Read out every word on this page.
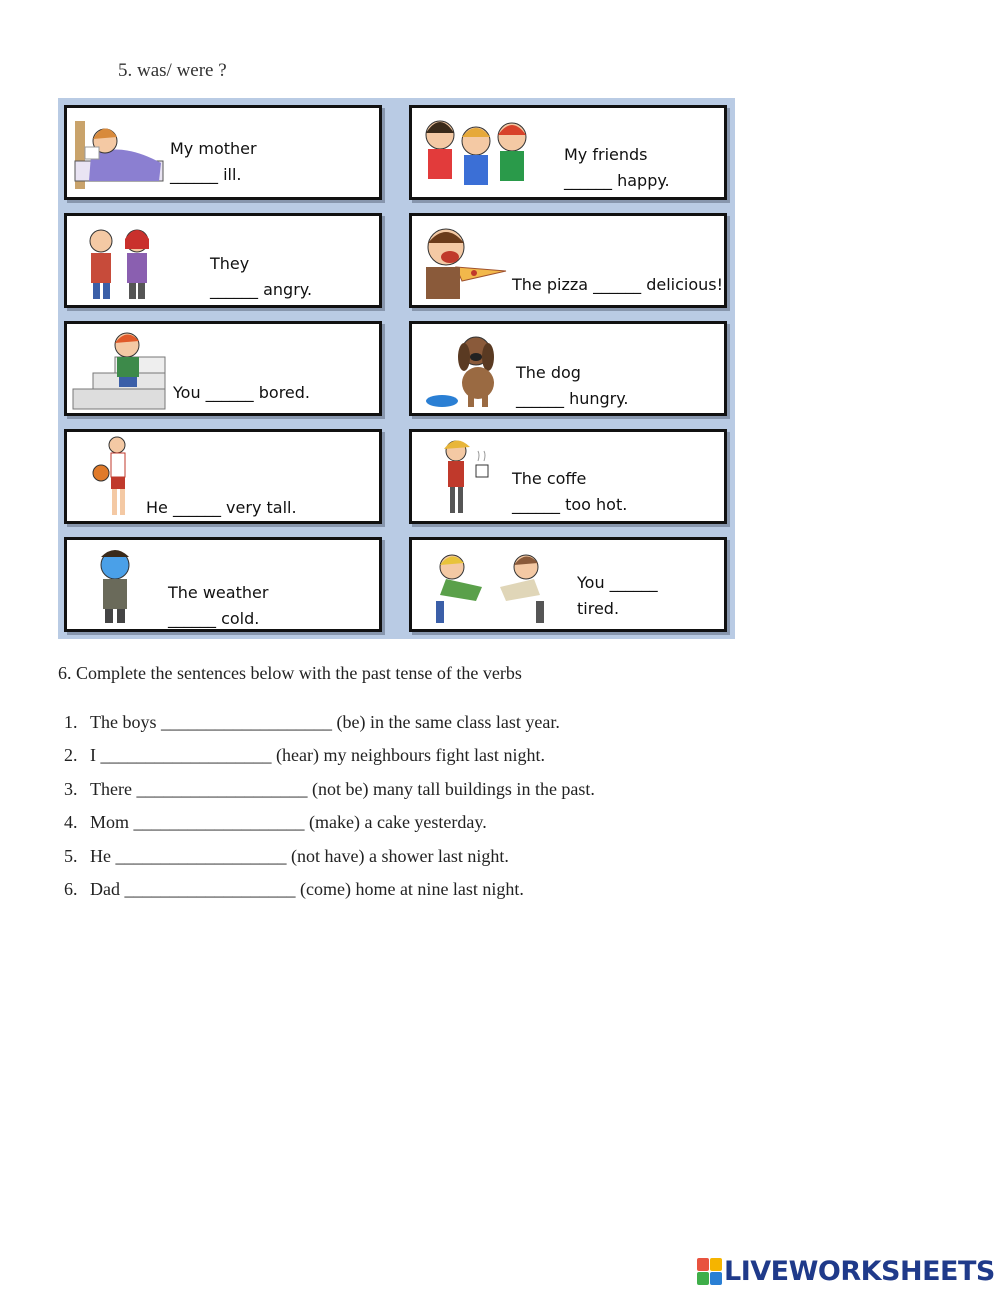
5. was/ were ?
My mother
______ ill.
My friends
______ happy.
They
______ angry.	The pizza ______ delicious!
You ______ bored.
The dog
______ hungry.
He ______ very tall.
The coffe
______ too hot.
The weather
______ cold.
You ______
tired.
6. Complete the sentences below with the past tense of the verbs
1. The boys ___________________ (be) in the same class last year.
2. I ___________________ (hear) my neighbours fight last night.
3. There ___________________ (not be) many tall buildings in the past.
4. Mom ___________________ (make) a cake yesterday.
5. He ___________________ (not have) a shower last night.
6. Dad ___________________ (come) home at nine last night.
LIVEWORKSHEETS
